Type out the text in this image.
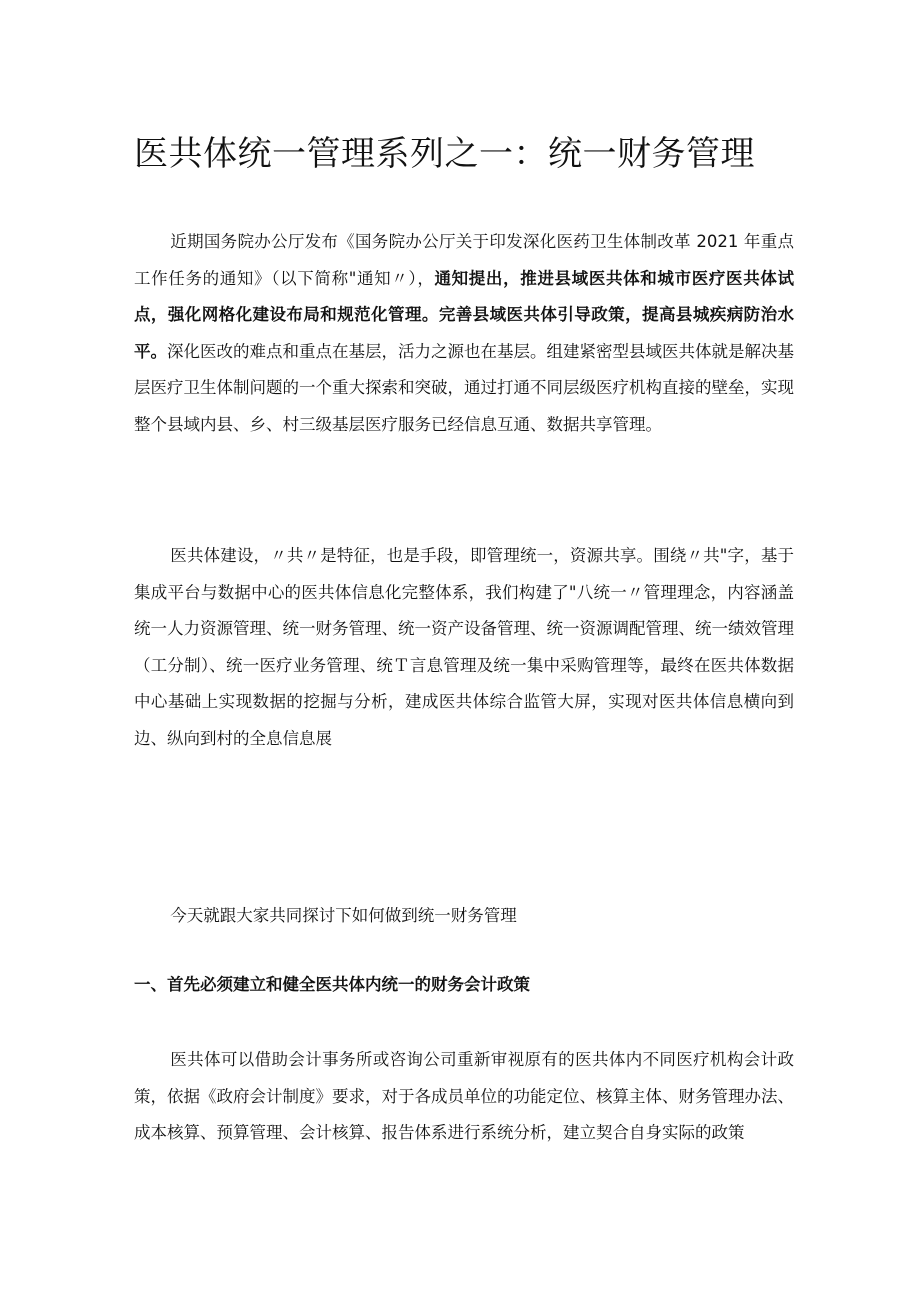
医共体统一管理系列之一：统一财务管理

近期国务院办公厅发布《国务院办公厅关于印发深化医药卫生体制改革 2021 年重点工作任务的通知》（以下简称"通知〃），通知提出，推进县域医共体和城市医疗医共体试点，强化网格化建设布局和规范化管理。完善县域医共体引导政策，提高县城疾病防治水平。深化医改的难点和重点在基层，活力之源也在基层。组建紧密型县域医共体就是解决基层医疗卫生体制问题的一个重大探索和突破，通过打通不同层级医疗机构直接的壁垒，实现整个县域内县、乡、村三级基层医疗服务已经信息互通、数据共享管理。

医共体建设，〃共〃是特征，也是手段，即管理统一，资源共享。围绕〃共"字，基于集成平台与数据中心的医共体信息化完整体系，我们构建了"八统一〃管理理念，内容涵盖统一人力资源管理、统一财务管理、统一资产设备管理、统一资源调配管理、统一绩效管理（工分制）、统一医疗业务管理、统Ｔ言息管理及统一集中采购管理等，最终在医共体数据中心基础上实现数据的挖掘与分析，建成医共体综合监管大屏，实现对医共体信息横向到边、纵向到村的全息信息展

今天就跟大家共同探讨下如何做到统一财务管理

一、首先必须建立和健全医共体内统一的财务会计政策

医共体可以借助会计事务所或咨询公司重新审视原有的医共体内不同医疗机构会计政策，依据《政府会计制度》要求，对于各成员单位的功能定位、核算主体、财务管理办法、成本核算、预算管理、会计核算、报告体系进行系统分析，建立契合自身实际的政策
